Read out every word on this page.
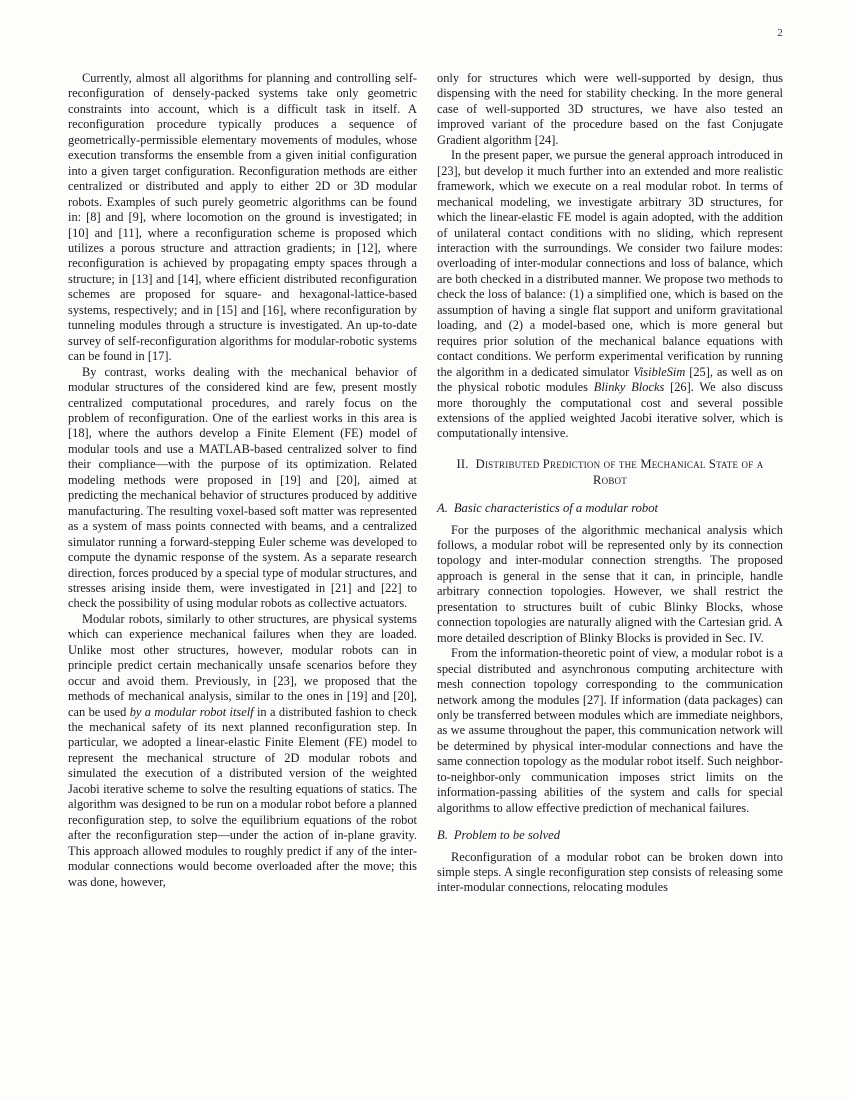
2

Currently, almost all algorithms for planning and controlling self-reconfiguration of densely-packed systems take only geometric constraints into account, which is a difficult task in itself. A reconfiguration procedure typically produces a sequence of geometrically-permissible elementary movements of modules, whose execution transforms the ensemble from a given initial configuration into a given target configuration. Reconfiguration methods are either centralized or distributed and apply to either 2D or 3D modular robots. Examples of such purely geometric algorithms can be found in: [8] and [9], where locomotion on the ground is investigated; in [10] and [11], where a reconfiguration scheme is proposed which utilizes a porous structure and attraction gradients; in [12], where reconfiguration is achieved by propagating empty spaces through a structure; in [13] and [14], where efficient distributed reconfiguration schemes are proposed for square- and hexagonal-lattice-based systems, respectively; and in [15] and [16], where reconfiguration by tunneling modules through a structure is investigated. An up-to-date survey of self-reconfiguration algorithms for modular-robotic systems can be found in [17].

By contrast, works dealing with the mechanical behavior of modular structures of the considered kind are few, present mostly centralized computational procedures, and rarely focus on the problem of reconfiguration. One of the earliest works in this area is [18], where the authors develop a Finite Element (FE) model of modular tools and use a MATLAB-based centralized solver to find their compliance—with the purpose of its optimization. Related modeling methods were proposed in [19] and [20], aimed at predicting the mechanical behavior of structures produced by additive manufacturing. The resulting voxel-based soft matter was represented as a system of mass points connected with beams, and a centralized simulator running a forward-stepping Euler scheme was developed to compute the dynamic response of the system. As a separate research direction, forces produced by a special type of modular structures, and stresses arising inside them, were investigated in [21] and [22] to check the possibility of using modular robots as collective actuators.

Modular robots, similarly to other structures, are physical systems which can experience mechanical failures when they are loaded. Unlike most other structures, however, modular robots can in principle predict certain mechanically unsafe scenarios before they occur and avoid them. Previously, in [23], we proposed that the methods of mechanical analysis, similar to the ones in [19] and [20], can be used by a modular robot itself in a distributed fashion to check the mechanical safety of its next planned reconfiguration step. In particular, we adopted a linear-elastic Finite Element (FE) model to represent the mechanical structure of 2D modular robots and simulated the execution of a distributed version of the weighted Jacobi iterative scheme to solve the resulting equations of statics. The algorithm was designed to be run on a modular robot before a planned reconfiguration step, to solve the equilibrium equations of the robot after the reconfiguration step—under the action of in-plane gravity. This approach allowed modules to roughly predict if any of the inter-modular connections would become overloaded after the move; this was done, however,

only for structures which were well-supported by design, thus dispensing with the need for stability checking. In the more general case of well-supported 3D structures, we have also tested an improved variant of the procedure based on the fast Conjugate Gradient algorithm [24].

In the present paper, we pursue the general approach introduced in [23], but develop it much further into an extended and more realistic framework, which we execute on a real modular robot. In terms of mechanical modeling, we investigate arbitrary 3D structures, for which the linear-elastic FE model is again adopted, with the addition of unilateral contact conditions with no sliding, which represent interaction with the surroundings. We consider two failure modes: overloading of inter-modular connections and loss of balance, which are both checked in a distributed manner. We propose two methods to check the loss of balance: (1) a simplified one, which is based on the assumption of having a single flat support and uniform gravitational loading, and (2) a model-based one, which is more general but requires prior solution of the mechanical balance equations with contact conditions. We perform experimental verification by running the algorithm in a dedicated simulator VisibleSim [25], as well as on the physical robotic modules Blinky Blocks [26]. We also discuss more thoroughly the computational cost and several possible extensions of the applied weighted Jacobi iterative solver, which is computationally intensive.

II. Distributed Prediction of the Mechanical State of a Robot
A. Basic characteristics of a modular robot

For the purposes of the algorithmic mechanical analysis which follows, a modular robot will be represented only by its connection topology and inter-modular connection strengths. The proposed approach is general in the sense that it can, in principle, handle arbitrary connection topologies. However, we shall restrict the presentation to structures built of cubic Blinky Blocks, whose connection topologies are naturally aligned with the Cartesian grid. A more detailed description of Blinky Blocks is provided in Sec. IV.

From the information-theoretic point of view, a modular robot is a special distributed and asynchronous computing architecture with mesh connection topology corresponding to the communication network among the modules [27]. If information (data packages) can only be transferred between modules which are immediate neighbors, as we assume throughout the paper, this communication network will be determined by physical inter-modular connections and have the same connection topology as the modular robot itself. Such neighbor-to-neighbor-only communication imposes strict limits on the information-passing abilities of the system and calls for special algorithms to allow effective prediction of mechanical failures.

B. Problem to be solved

Reconfiguration of a modular robot can be broken down into simple steps. A single reconfiguration step consists of releasing some inter-modular connections, relocating modules
